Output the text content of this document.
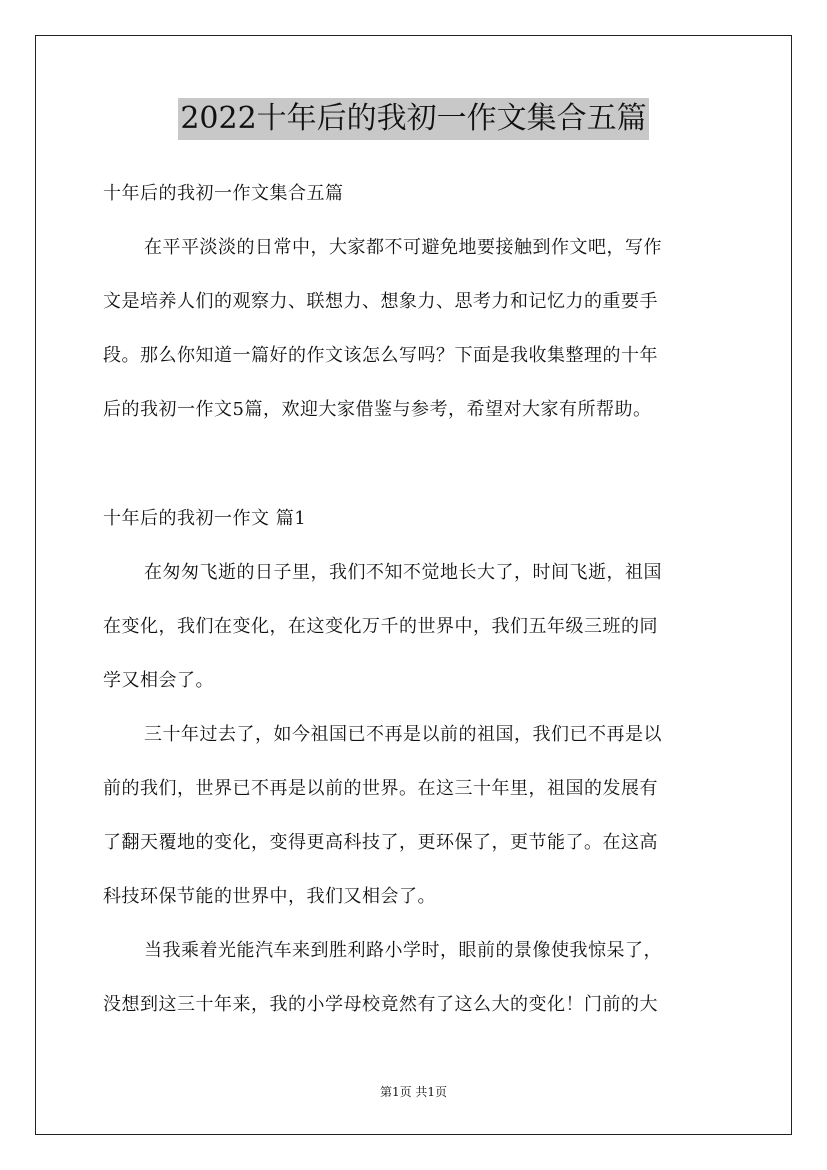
2022十年后的我初一作文集合五篇
十年后的我初一作文集合五篇
在平平淡淡的日常中，大家都不可避免地要接触到作文吧，写作
文是培养人们的观察力、联想力、想象力、思考力和记忆力的重要手
段。那么你知道一篇好的作文该怎么写吗？下面是我收集整理的十年
后的我初一作文5篇，欢迎大家借鉴与参考，希望对大家有所帮助。
十年后的我初一作文 篇1
在匆匆飞逝的日子里，我们不知不觉地长大了，时间飞逝，祖国
在变化，我们在变化，在这变化万千的世界中，我们五年级三班的同
学又相会了。
三十年过去了，如今祖国已不再是以前的祖国，我们已不再是以
前的我们，世界已不再是以前的世界。在这三十年里，祖国的发展有
了翻天覆地的变化，变得更高科技了，更环保了，更节能了。在这高
科技环保节能的世界中，我们又相会了。
当我乘着光能汽车来到胜利路小学时，眼前的景像使我惊呆了，
没想到这三十年来，我的小学母校竟然有了这么大的变化！门前的大
第1页 共1页
